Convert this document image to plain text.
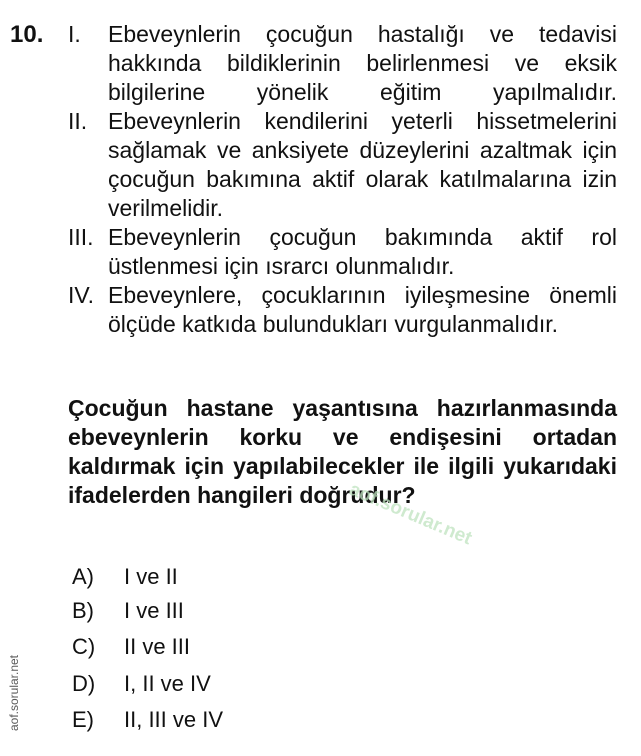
10. I. Ebeveynlerin çocuğun hastalığı ve tedavisi hakkında bildiklerinin belirlenmesi ve eksik bilgilerine yönelik eğitim yapılmalıdır.
II. Ebeveynlerin kendilerini yeterli hissetmelerini sağlamak ve anksiyete düzeylerini azaltmak için çocuğun bakımına aktif olarak katılmalarına izin verilmelidir.
III. Ebeveynlerin çocuğun bakımında aktif rol üstlenmesi için ısrarcı olunmalıdır.
IV. Ebeveynlere, çocuklarının iyileşmesine önemli ölçüde katkıda bulundukları vurgulanmalıdır.
Çocuğun hastane yaşantısına hazırlanmasında ebeveynlerin korku ve endişesini ortadan kaldırmak için yapılabilecekler ile ilgili yukarıdaki ifadelerden hangileri doğrudur?
aof.sorular.net
A) I ve II
B) I ve III
C) II ve III
D) I, II ve IV
E) II, III ve IV
aof.sorular.net
